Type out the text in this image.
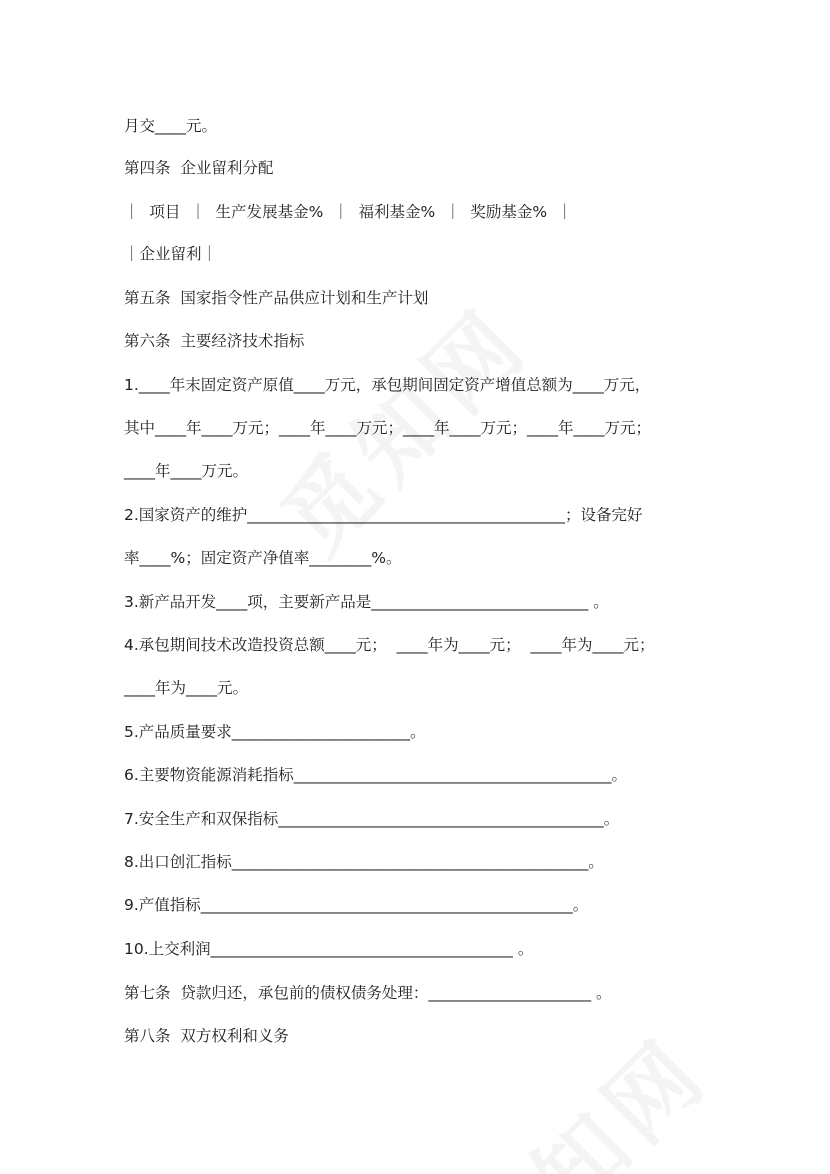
月交____元。
第四条  企业留利分配
｜  项目  ｜  生产发展基金%  ｜  福利基金%  ｜  奖励基金%  ｜
｜企业留利｜
第五条  国家指令性产品供应计划和生产计划
第六条  主要经济技术指标
1.____年末固定资产原值____万元，承包期间固定资产增值总额为____万元，
其中____年____万元；____年____万元；____年____万元；____年____万元；
____年____万元。
2.国家资产的维护_________________________________________；设备完好
率____%；固定资产净值率________%。
3.新产品开发____项，主要新产品是____________________________ 。
4.承包期间技术改造投资总额____元；  ____年为____元；  ____年为____元；
____年为____元。
5.产品质量要求_______________________。
6.主要物资能源消耗指标_________________________________________。
7.安全生产和双保指标__________________________________________。
8.出口创汇指标______________________________________________。
9.产值指标________________________________________________。
10.上交利润_______________________________________ 。
第七条  贷款归还，承包前的债权债务处理：_____________________ 。
第八条  双方权利和义务
